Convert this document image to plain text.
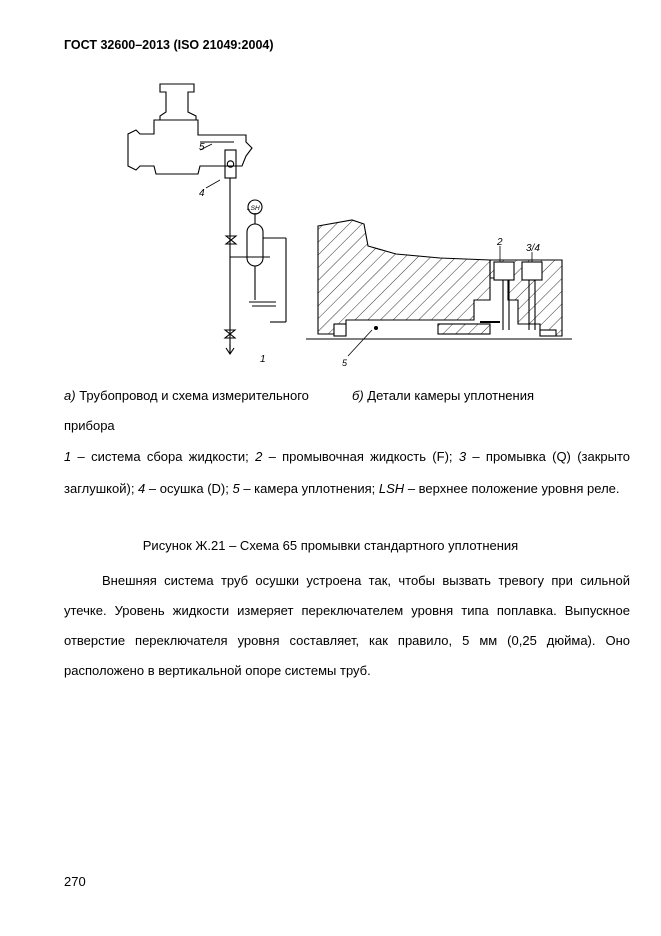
ГОСТ 32600–2013 (ISO 21049:2004)
5
4
LSH
1
2
3/4
5
а) Трубопровод и схема измерительного
прибора
б) Детали камеры уплотнения
1 – система сбора жидкости; 2 – промывочная жидкость (F); 3 – промывка (Q) (закрыто заглушкой); 4 – осушка (D); 5 – камера уплотнения; LSH – верхнее положение уровня реле.
Рисунок Ж.21 – Схема 65 промывки стандартного уплотнения
Внешняя система труб осушки устроена так, чтобы вызвать тревогу при сильной утечке. Уровень жидкости измеряет переключателем уровня типа поплавка. Выпускное отверстие переключателя уровня составляет, как правило, 5 мм (0,25 дюйма). Оно расположено в вертикальной опоре системы труб.
270
